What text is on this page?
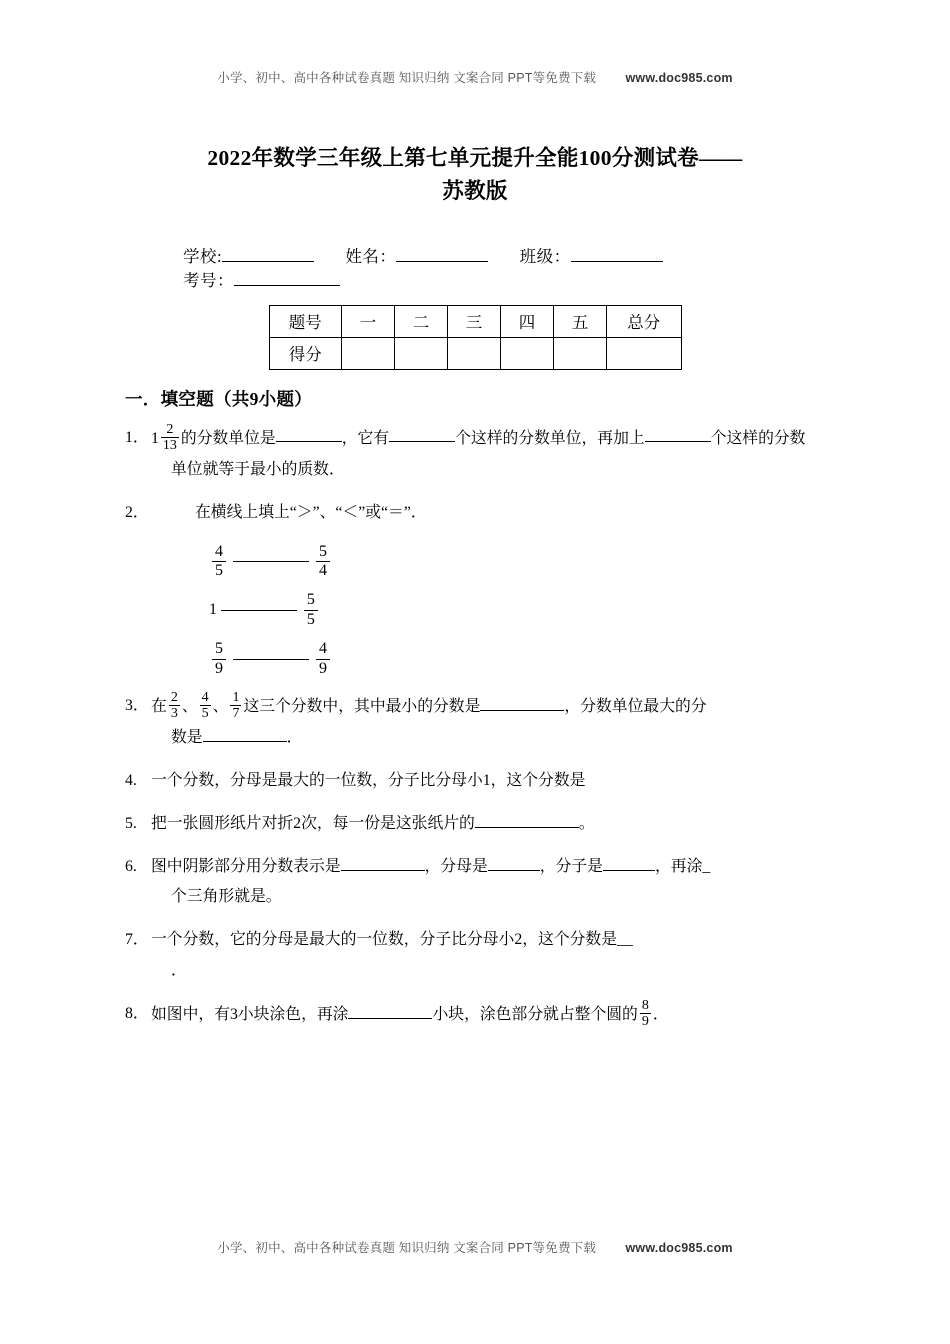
小学、初中、高中各种试卷真题 知识归纳 文案合同 PPT等免费下载 www.doc985.com
2022年数学三年级上第七单元提升全能100分测试卷——
苏教版
学校:	姓名：	班级：  考号：
题号	一	二	三	四	五	总分
得分						
一．填空题（共9小题）
1． $1 \frac{2}{13}$ 的分数单位是	，它有	个这样的分数单位，再加上	个这样的分数
单位就等于最小的质数．
2．	在横线上填上“＞”、“＜”或“＝”．
$\frac{4}{5}$	$\frac{5}{4}$
1	$\frac{5}{5}$
$\frac{5}{9}$	$\frac{4}{9}$
3． 在 $\frac{2}{3}$ 、 $\frac{4}{5}$ 、 $\frac{1}{7}$ 这三个分数中，其中最小的分数是	，分数单位最大的分
数是	．
4. 一个分数，分母是最大的一位数，分子比分母小1，这个分数是
5. 把一张圆形纸片对折2次，每一份是这张纸片的	。
6. 图中阴影部分用分数表示是	，分母是	，分子是	，再涂_
个三角形就是。
7． 一个分数，它的分母是最大的一位数，分子比分母小2，这个分数是__
．
8． 如图中，有3小块涂色，再涂	小块，涂色部分就占整个圆的 $\frac{8}{9}$ ．
小学、初中、高中各种试卷真题 知识归纳 文案合同 PPT等免费下载 www.doc985.com
